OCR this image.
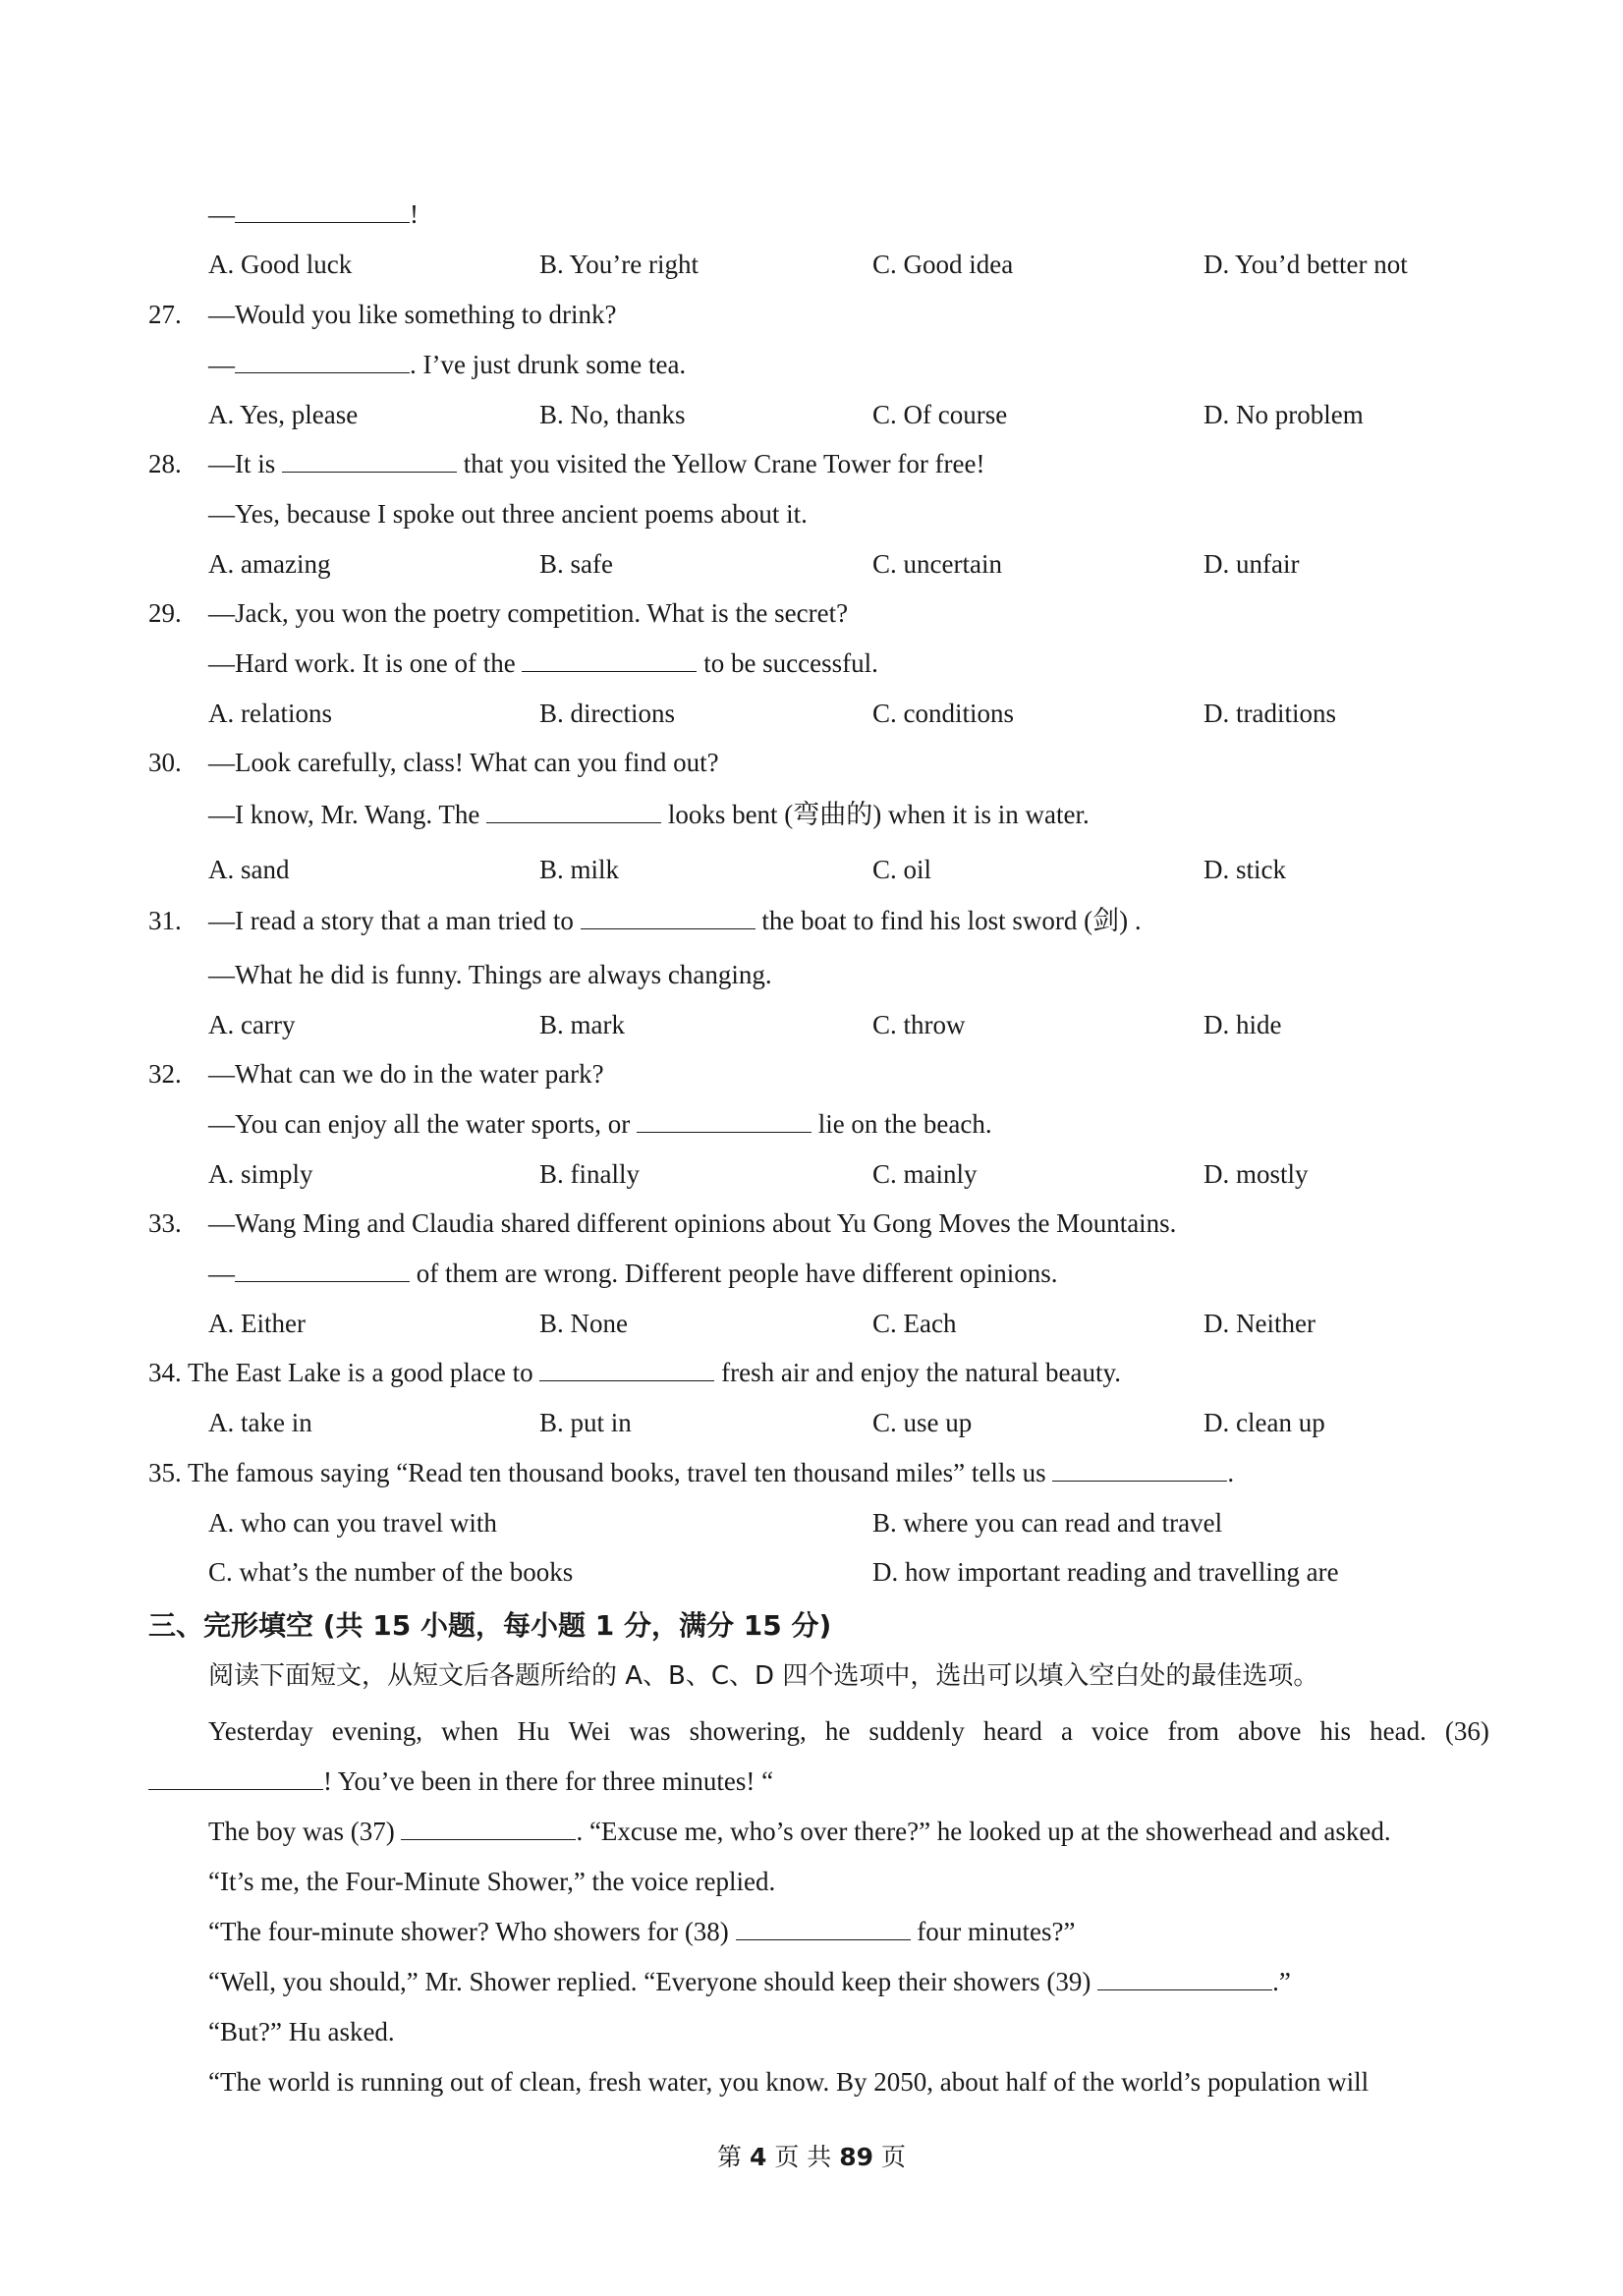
—	!
A. Good luck	B. You’re right	C. Good idea	D. You’d better not
27. —Would you like something to drink?
—	. I’ve just drunk some tea.
A. Yes, please	B. No, thanks	C. Of course	D. No problem
28. —It is	that you visited the Yellow Crane Tower for free!
—Yes, because I spoke out three ancient poems about it.
A. amazing	B. safe	C. uncertain	D. unfair
29. —Jack, you won the poetry competition. What is the secret?
—Hard work. It is one of the	to be successful.
A. relations	B. directions	C. conditions	D. traditions
30. —Look carefully, class! What can you find out?
—I know, Mr. Wang. The	looks bent (弯曲的) when it is in water.
A. sand	B. milk	C. oil	D. stick
31. —I read a story that a man tried to	the boat to find his lost sword (剑) .
—What he did is funny. Things are always changing.
A. carry	B. mark	C. throw	D. hide
32. —What can we do in the water park?
—You can enjoy all the water sports, or	lie on the beach.
A. simply	B. finally	C. mainly	D. mostly
33. —Wang Ming and Claudia shared different opinions about Yu Gong Moves the Mountains.
—	of them are wrong. Different people have different opinions.
A. Either	B. None	C. Each	D. Neither
34. The East Lake is a good place to	fresh air and enjoy the natural beauty.
A. take in	B. put in	C. use up	D. clean up
35. The famous saying “Read ten thousand books, travel ten thousand miles” tells us	.
A. who can you travel with	B. where you can read and travel
C. what’s the number of the books	D. how important reading and travelling are
三、完形填空 (共 15 小题，每小题 1 分，满分 15 分)
阅读下面短文，从短文后各题所给的 A、B、C、D 四个选项中，选出可以填入空白处的最佳选项。
Yesterday evening, when Hu Wei was showering, he suddenly heard a voice from above his head. (36)
! You’ve been in there for three minutes! “
The boy was (37)	. “Excuse me, who’s over there?” he looked up at the showerhead and asked.
“It’s me, the Four-Minute Shower,” the voice replied.
“The four-minute shower? Who showers for (38)	four minutes?”
“Well, you should,” Mr. Shower replied. “Everyone should keep their showers (39)	.”
“But?” Hu asked.
“The world is running out of clean, fresh water, you know. By 2050, about half of the world’s population will
第 4 页 共 89 页
